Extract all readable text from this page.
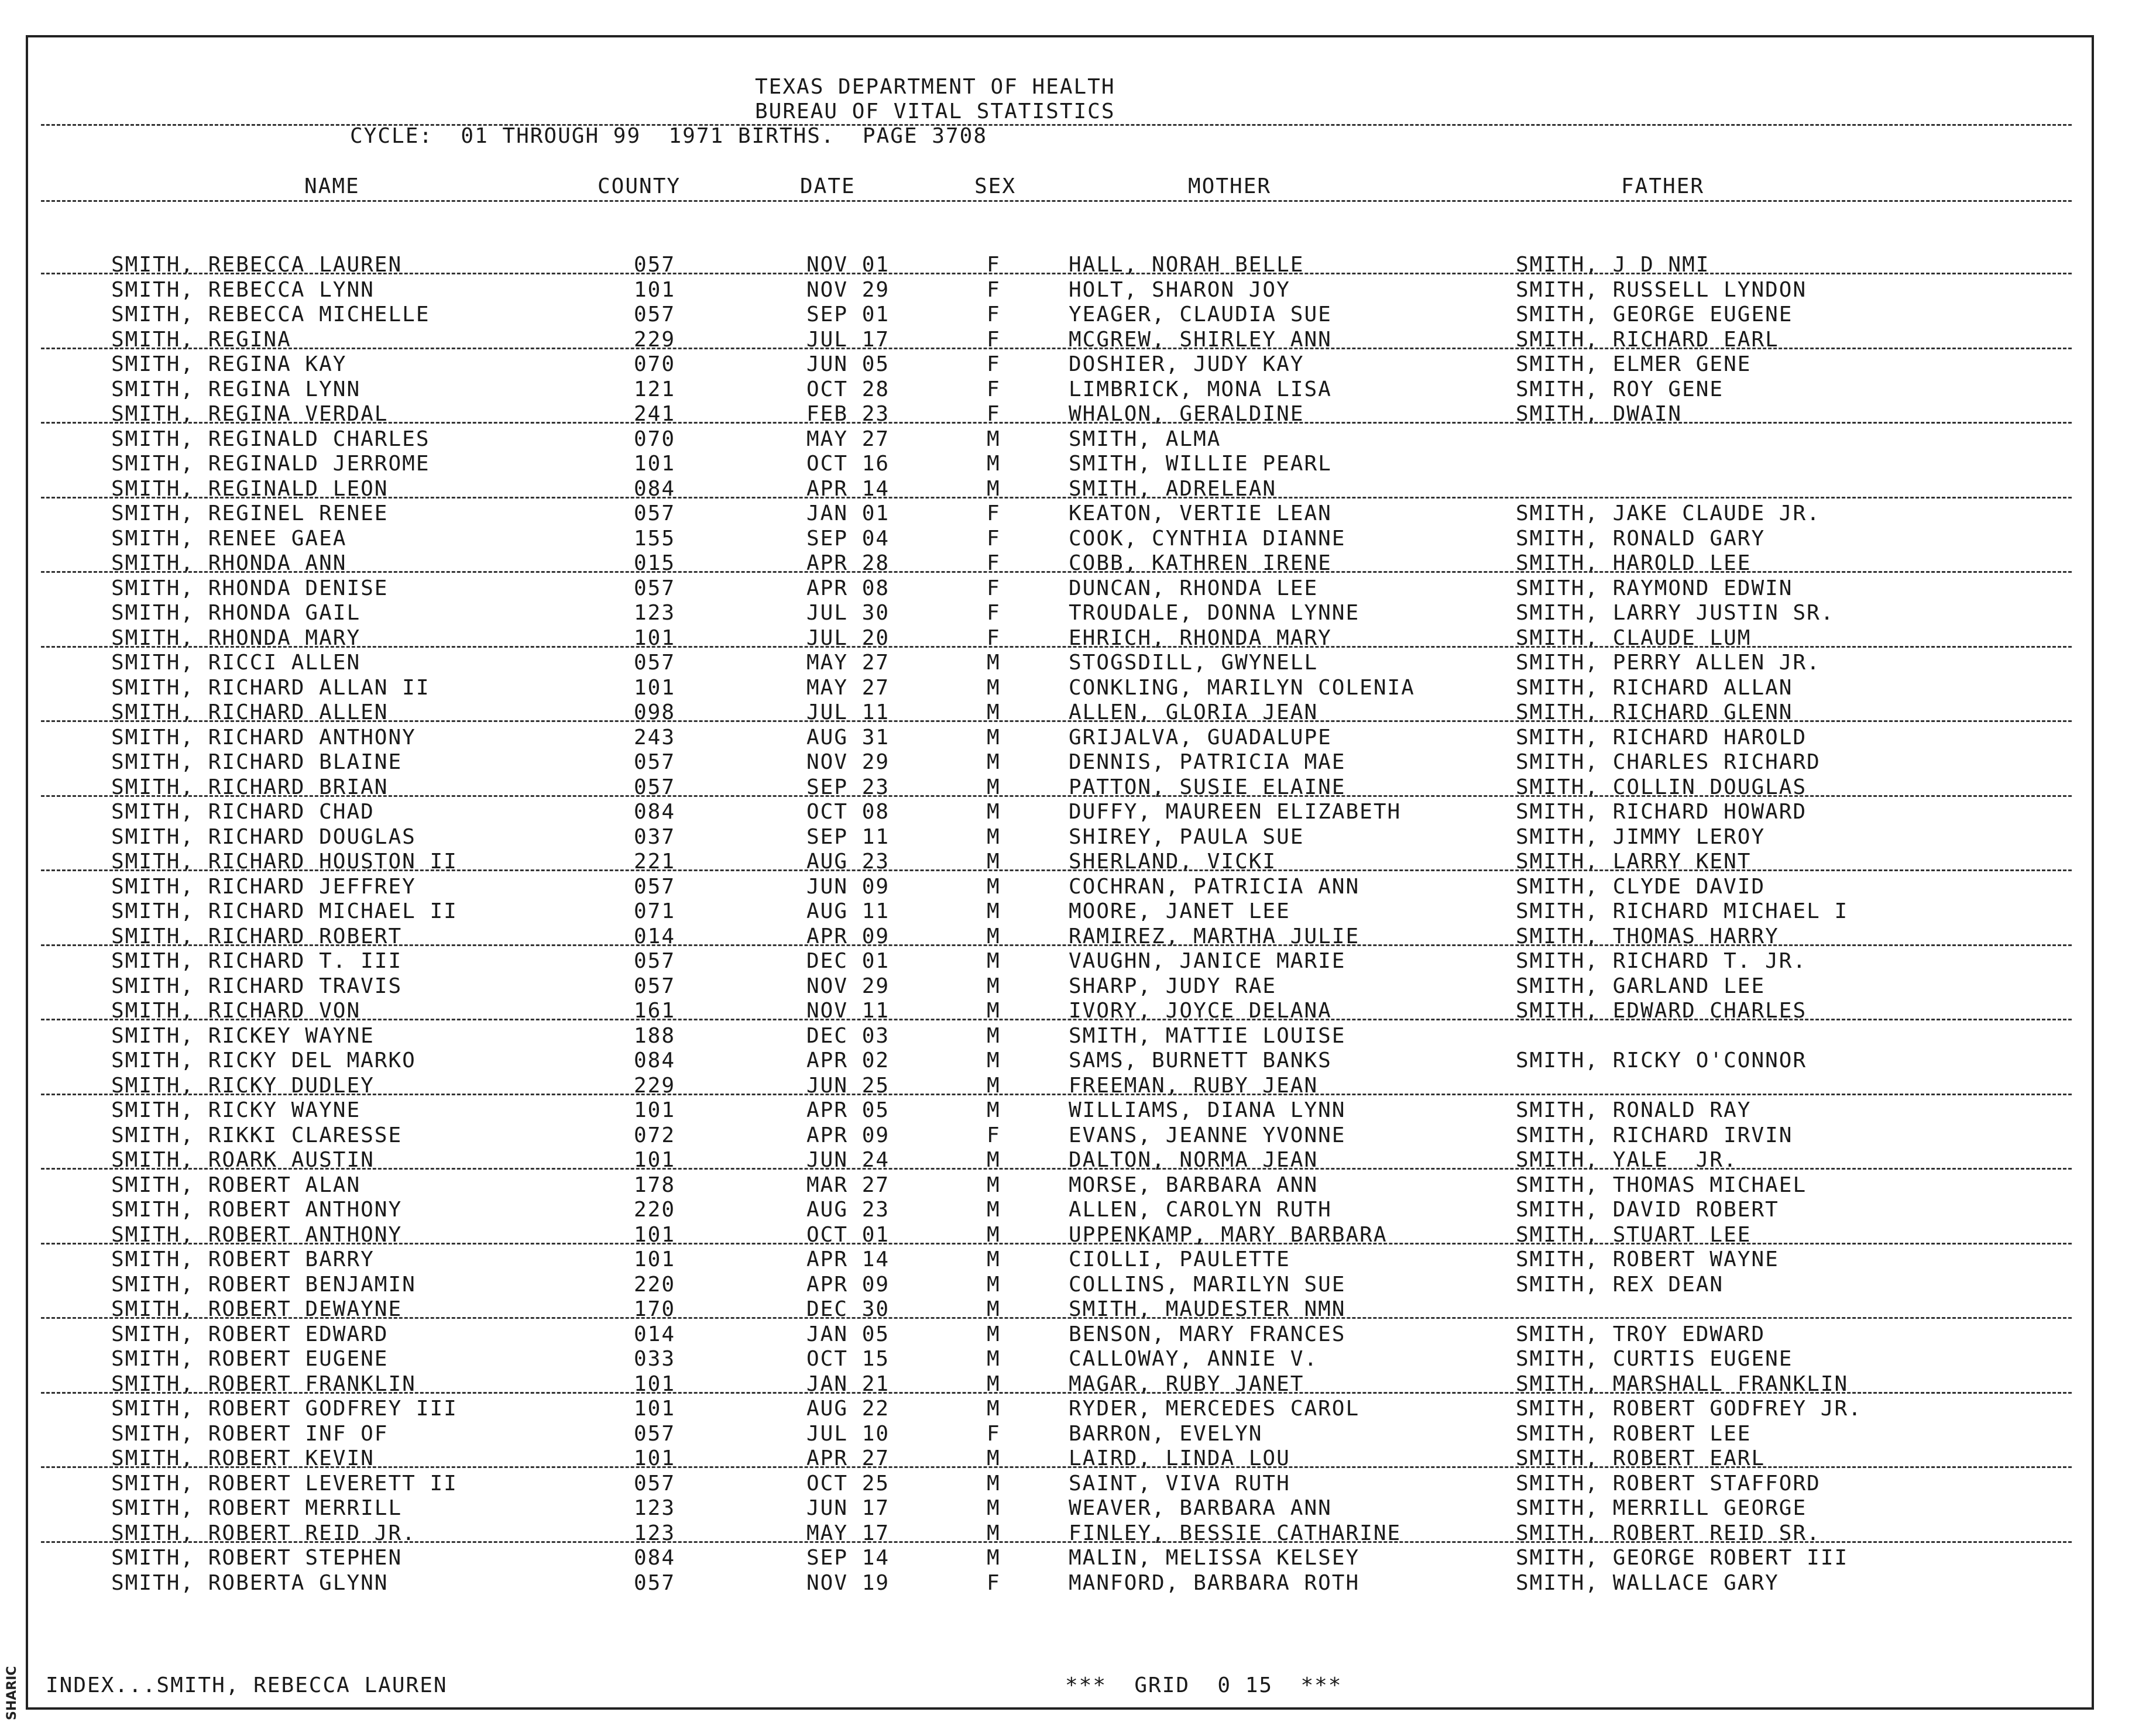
SHARIC
TEXAS DEPARTMENT OF HEALTH
BUREAU OF VITAL STATISTICS
CYCLE:  01 THROUGH 99  1971 BIRTHS.  PAGE 3708
NAME	COUNTY	DATE	SEX	MOTHER	FATHER
SMITH, REBECCA LAUREN	057	NOV 01	F	HALL, NORAH BELLE	SMITH, J D NMI
SMITH, REBECCA LYNN	101	NOV 29	F	HOLT, SHARON JOY	SMITH, RUSSELL LYNDON
SMITH, REBECCA MICHELLE	057	SEP 01	F	YEAGER, CLAUDIA SUE	SMITH, GEORGE EUGENE
SMITH, REGINA	229	JUL 17	F	MCGREW, SHIRLEY ANN	SMITH, RICHARD EARL
SMITH, REGINA KAY	070	JUN 05	F	DOSHIER, JUDY KAY	SMITH, ELMER GENE
SMITH, REGINA LYNN	121	OCT 28	F	LIMBRICK, MONA LISA	SMITH, ROY GENE
SMITH, REGINA VERDAL	241	FEB 23	F	WHALON, GERALDINE	SMITH, DWAIN
SMITH, REGINALD CHARLES	070	MAY 27	M	SMITH, ALMA
SMITH, REGINALD JERROME	101	OCT 16	M	SMITH, WILLIE PEARL
SMITH, REGINALD LEON	084	APR 14	M	SMITH, ADRELEAN
SMITH, REGINEL RENEE	057	JAN 01	F	KEATON, VERTIE LEAN	SMITH, JAKE CLAUDE JR.
SMITH, RENEE GAEA	155	SEP 04	F	COOK, CYNTHIA DIANNE	SMITH, RONALD GARY
SMITH, RHONDA ANN	015	APR 28	F	COBB, KATHREN IRENE	SMITH, HAROLD LEE
SMITH, RHONDA DENISE	057	APR 08	F	DUNCAN, RHONDA LEE	SMITH, RAYMOND EDWIN
SMITH, RHONDA GAIL	123	JUL 30	F	TROUDALE, DONNA LYNNE	SMITH, LARRY JUSTIN SR.
SMITH, RHONDA MARY	101	JUL 20	F	EHRICH, RHONDA MARY	SMITH, CLAUDE LUM
SMITH, RICCI ALLEN	057	MAY 27	M	STOGSDILL, GWYNELL	SMITH, PERRY ALLEN JR.
SMITH, RICHARD ALLAN II	101	MAY 27	M	CONKLING, MARILYN COLENIA	SMITH, RICHARD ALLAN
SMITH, RICHARD ALLEN	098	JUL 11	M	ALLEN, GLORIA JEAN	SMITH, RICHARD GLENN
SMITH, RICHARD ANTHONY	243	AUG 31	M	GRIJALVA, GUADALUPE	SMITH, RICHARD HAROLD
SMITH, RICHARD BLAINE	057	NOV 29	M	DENNIS, PATRICIA MAE	SMITH, CHARLES RICHARD
SMITH, RICHARD BRIAN	057	SEP 23	M	PATTON, SUSIE ELAINE	SMITH, COLLIN DOUGLAS
SMITH, RICHARD CHAD	084	OCT 08	M	DUFFY, MAUREEN ELIZABETH	SMITH, RICHARD HOWARD
SMITH, RICHARD DOUGLAS	037	SEP 11	M	SHIREY, PAULA SUE	SMITH, JIMMY LEROY
SMITH, RICHARD HOUSTON II	221	AUG 23	M	SHERLAND, VICKI	SMITH, LARRY KENT
SMITH, RICHARD JEFFREY	057	JUN 09	M	COCHRAN, PATRICIA ANN	SMITH, CLYDE DAVID
SMITH, RICHARD MICHAEL II	071	AUG 11	M	MOORE, JANET LEE	SMITH, RICHARD MICHAEL I
SMITH, RICHARD ROBERT	014	APR 09	M	RAMIREZ, MARTHA JULIE	SMITH, THOMAS HARRY
SMITH, RICHARD T. III	057	DEC 01	M	VAUGHN, JANICE MARIE	SMITH, RICHARD T. JR.
SMITH, RICHARD TRAVIS	057	NOV 29	M	SHARP, JUDY RAE	SMITH, GARLAND LEE
SMITH, RICHARD VON	161	NOV 11	M	IVORY, JOYCE DELANA	SMITH, EDWARD CHARLES
SMITH, RICKEY WAYNE	188	DEC 03	M	SMITH, MATTIE LOUISE
SMITH, RICKY DEL MARKO	084	APR 02	M	SAMS, BURNETT BANKS	SMITH, RICKY O'CONNOR
SMITH, RICKY DUDLEY	229	JUN 25	M	FREEMAN, RUBY JEAN
SMITH, RICKY WAYNE	101	APR 05	M	WILLIAMS, DIANA LYNN	SMITH, RONALD RAY
SMITH, RIKKI CLARESSE	072	APR 09	F	EVANS, JEANNE YVONNE	SMITH, RICHARD IRVIN
SMITH, ROARK AUSTIN	101	JUN 24	M	DALTON, NORMA JEAN	SMITH, YALE  JR.
SMITH, ROBERT ALAN	178	MAR 27	M	MORSE, BARBARA ANN	SMITH, THOMAS MICHAEL
SMITH, ROBERT ANTHONY	220	AUG 23	M	ALLEN, CAROLYN RUTH	SMITH, DAVID ROBERT
SMITH, ROBERT ANTHONY	101	OCT 01	M	UPPENKAMP, MARY BARBARA	SMITH, STUART LEE
SMITH, ROBERT BARRY	101	APR 14	M	CIOLLI, PAULETTE	SMITH, ROBERT WAYNE
SMITH, ROBERT BENJAMIN	220	APR 09	M	COLLINS, MARILYN SUE	SMITH, REX DEAN
SMITH, ROBERT DEWAYNE	170	DEC 30	M	SMITH, MAUDESTER NMN
SMITH, ROBERT EDWARD	014	JAN 05	M	BENSON, MARY FRANCES	SMITH, TROY EDWARD
SMITH, ROBERT EUGENE	033	OCT 15	M	CALLOWAY, ANNIE V.	SMITH, CURTIS EUGENE
SMITH, ROBERT FRANKLIN	101	JAN 21	M	MAGAR, RUBY JANET	SMITH, MARSHALL FRANKLIN
SMITH, ROBERT GODFREY III	101	AUG 22	M	RYDER, MERCEDES CAROL	SMITH, ROBERT GODFREY JR.
SMITH, ROBERT INF OF	057	JUL 10	F	BARRON, EVELYN	SMITH, ROBERT LEE
SMITH, ROBERT KEVIN	101	APR 27	M	LAIRD, LINDA LOU	SMITH, ROBERT EARL
SMITH, ROBERT LEVERETT II	057	OCT 25	M	SAINT, VIVA RUTH	SMITH, ROBERT STAFFORD
SMITH, ROBERT MERRILL	123	JUN 17	M	WEAVER, BARBARA ANN	SMITH, MERRILL GEORGE
SMITH, ROBERT REID JR.	123	MAY 17	M	FINLEY, BESSIE CATHARINE	SMITH, ROBERT REID SR.
SMITH, ROBERT STEPHEN	084	SEP 14	M	MALIN, MELISSA KELSEY	SMITH, GEORGE ROBERT III
SMITH, ROBERTA GLYNN	057	NOV 19	F	MANFORD, BARBARA ROTH	SMITH, WALLACE GARY
INDEX...SMITH, REBECCA LAUREN	***  GRID  0 15  ***
